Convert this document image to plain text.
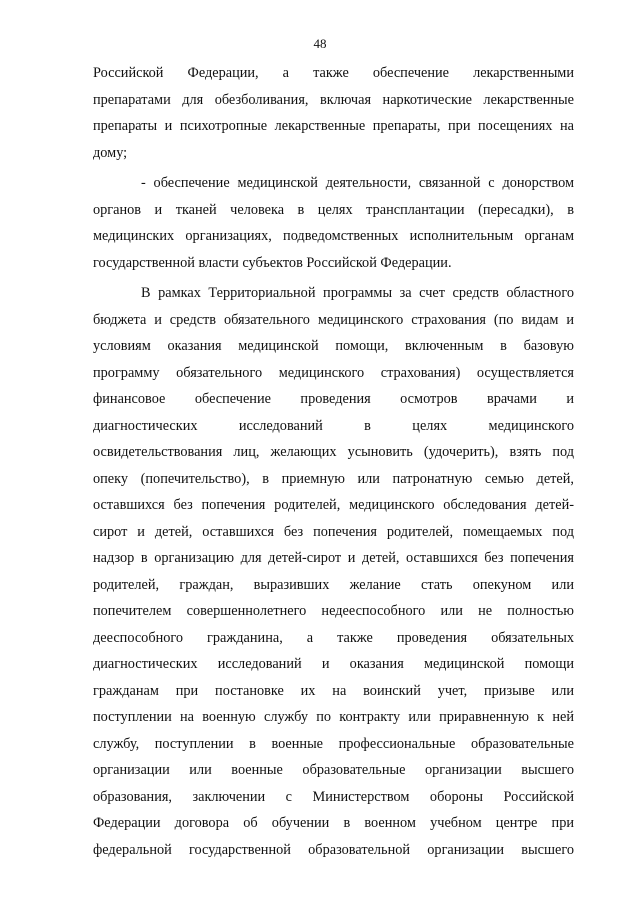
48
Российской Федерации, а также обеспечение лекарственными
препаратами для обезболивания, включая наркотические лекарственные
препараты и психотропные лекарственные препараты, при посещениях на
дому;
- обеспечение медицинской деятельности, связанной с донорством
органов и тканей человека в целях трансплантации (пересадки), в
медицинских организациях, подведомственных исполнительным органам
государственной власти субъектов Российской Федерации.
В рамках Территориальной программы за счет средств областного
бюджета и средств обязательного медицинского страхования (по видам и
условиям оказания медицинской помощи, включенным в базовую
программу обязательного медицинского страхования) осуществляется
финансовое обеспечение проведения осмотров врачами и
диагностических исследований в целях медицинского
освидетельствования лиц, желающих усыновить (удочерить), взять под
опеку (попечительство), в приемную или патронатную семью детей,
оставшихся без попечения родителей, медицинского обследования детей-
сирот и детей, оставшихся без попечения родителей, помещаемых под
надзор в организацию для детей-сирот и детей, оставшихся без попечения
родителей, граждан, выразивших желание стать опекуном или
попечителем совершеннолетнего недееспособного или не полностью
дееспособного гражданина, а также проведения обязательных
диагностических исследований и оказания медицинской помощи
гражданам при постановке их на воинский учет, призыве или
поступлении на военную службу по контракту или приравненную к ней
службу, поступлении в военные профессиональные образовательные
организации или военные образовательные организации высшего
образования, заключении с Министерством обороны Российской
Федерации договора об обучении в военном учебном центре при
федеральной государственной образовательной организации высшего
